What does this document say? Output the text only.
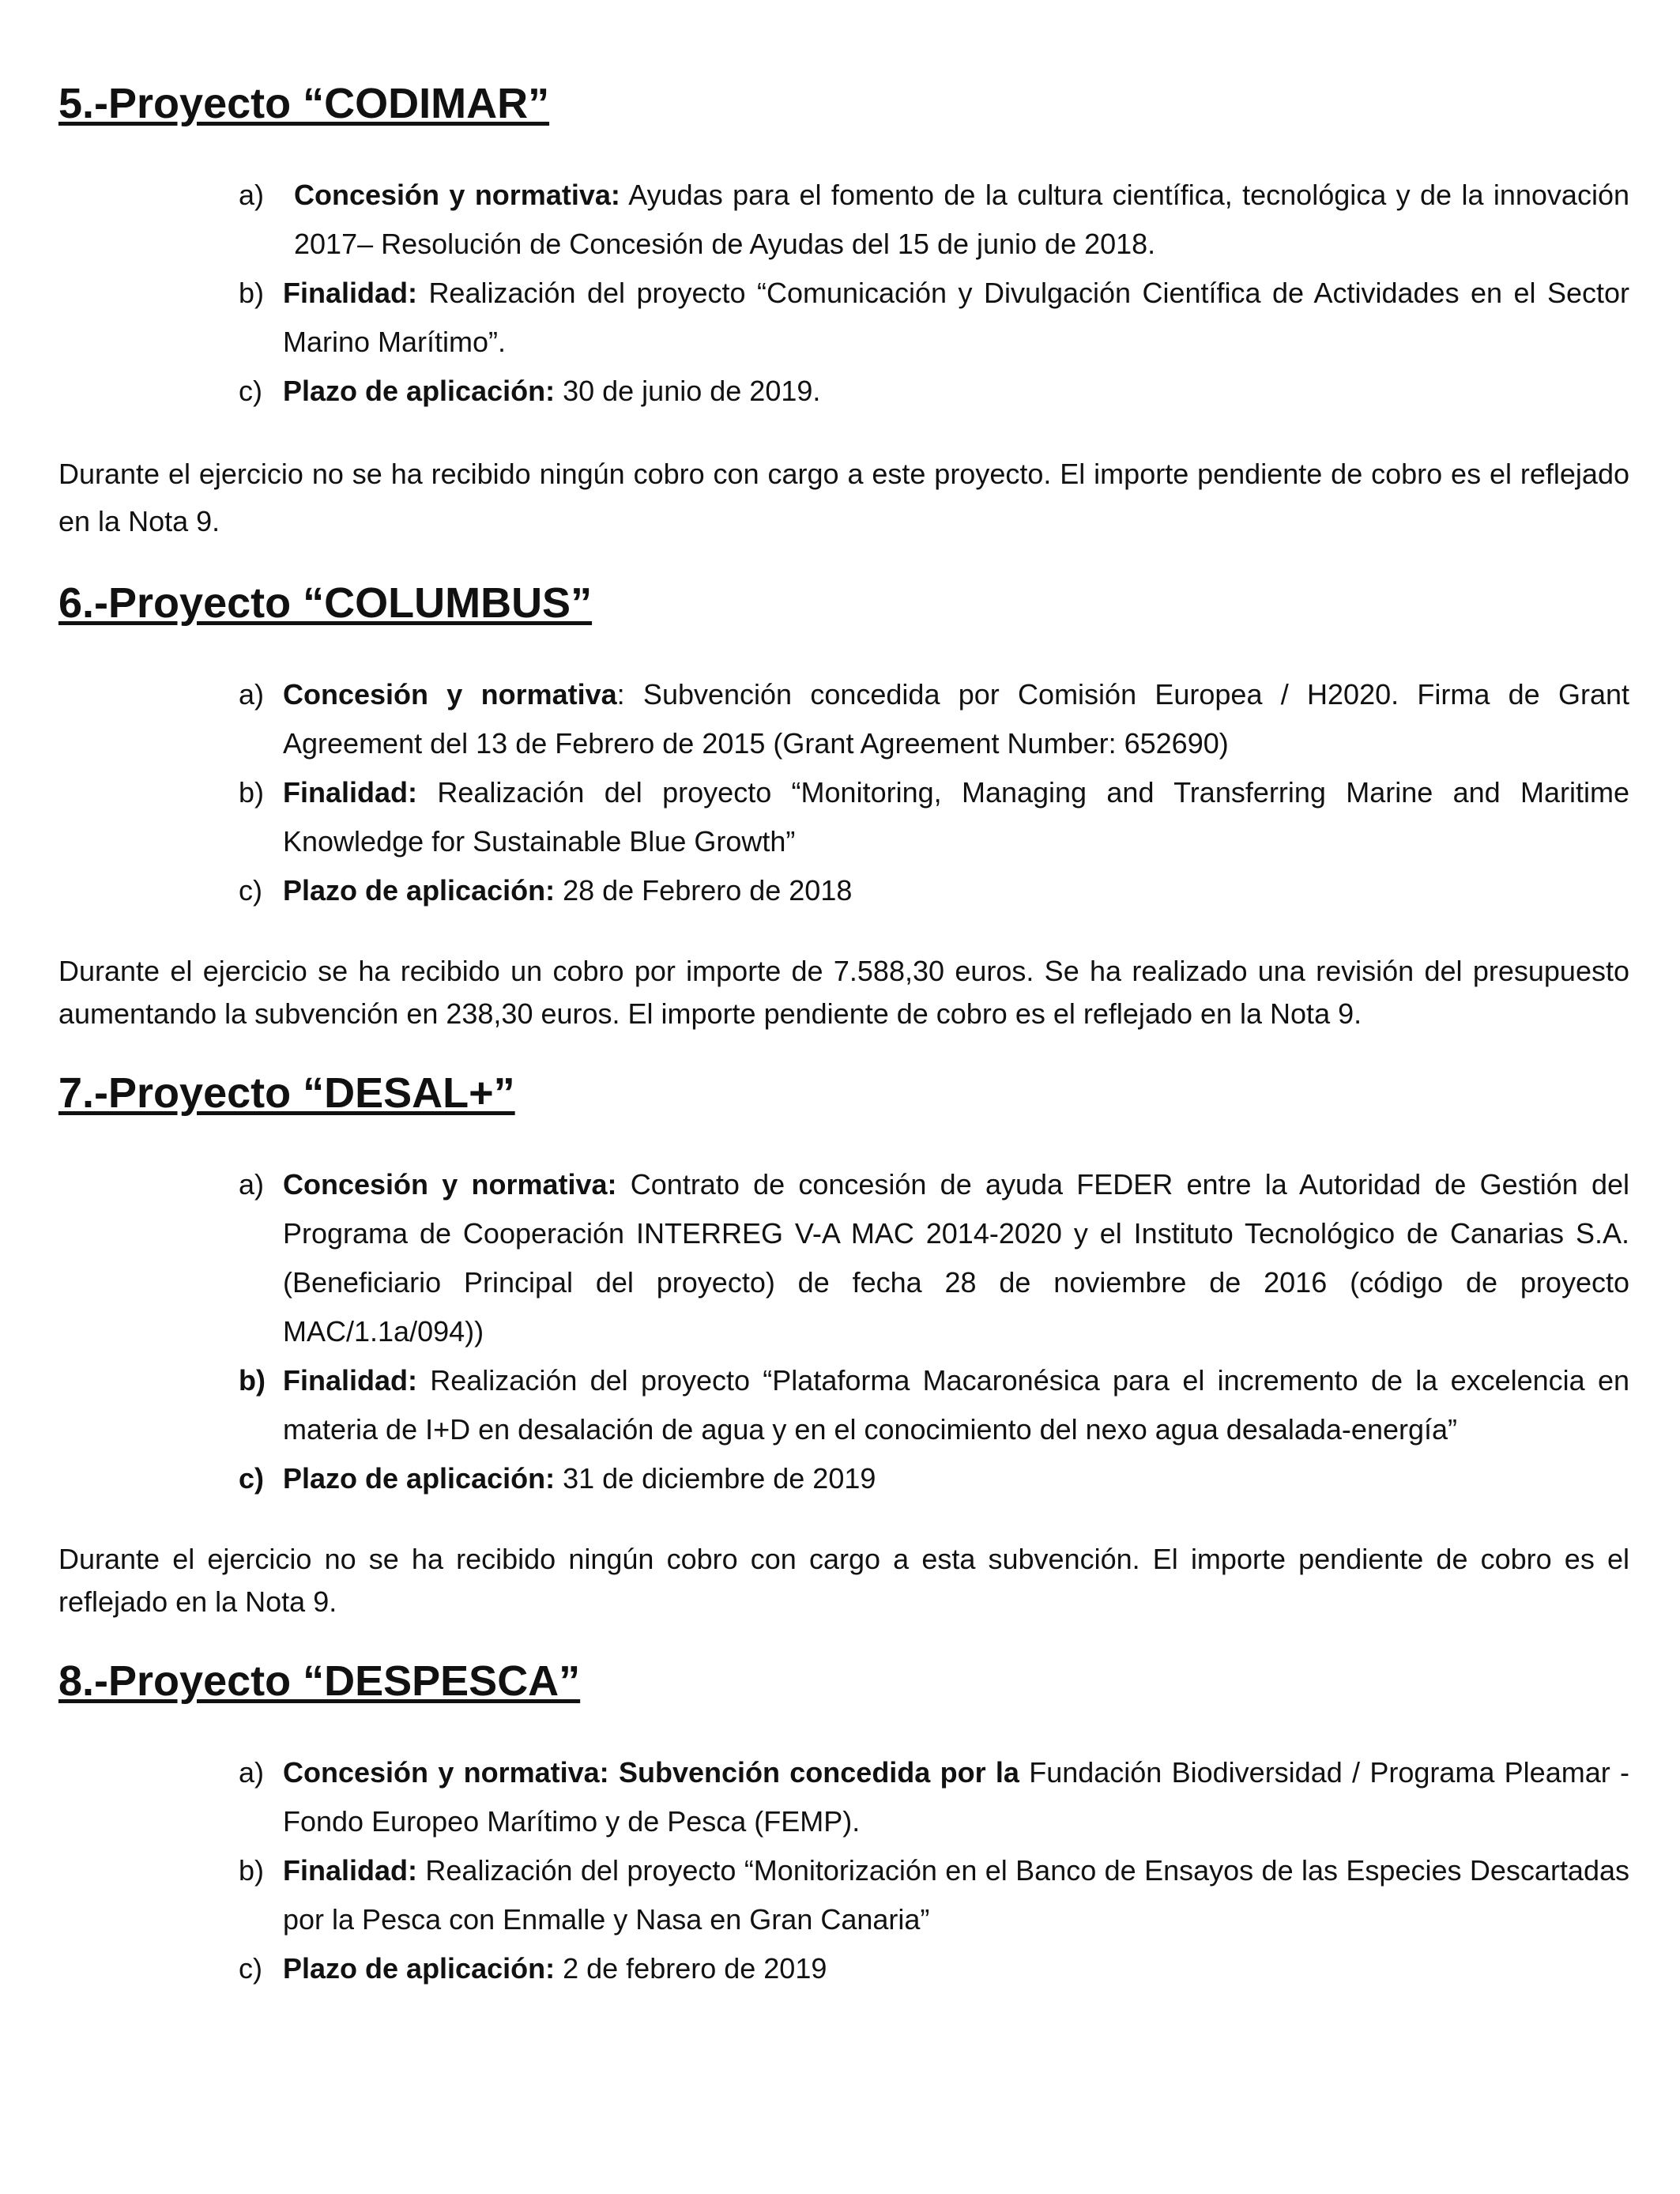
5.-Proyecto “CODIMAR”
a) Concesión y normativa: Ayudas para el fomento de la cultura científica, tecnológica y de la innovación 2017– Resolución de Concesión de Ayudas del 15 de junio de 2018.
b) Finalidad: Realización del proyecto “Comunicación y Divulgación Científica de Actividades en el Sector Marino Marítimo”.
c) Plazo de aplicación: 30 de junio de 2019.

Durante el ejercicio no se ha recibido ningún cobro con cargo a este proyecto. El importe pendiente de cobro es el reflejado en la Nota 9.

6.-Proyecto “COLUMBUS”
a) Concesión y normativa: Subvención concedida por Comisión Europea / H2020. Firma de Grant Agreement del 13 de Febrero de 2015 (Grant Agreement Number: 652690)
b) Finalidad: Realización del proyecto “Monitoring, Managing and Transferring Marine and Maritime Knowledge for Sustainable Blue Growth”
c) Plazo de aplicación: 28 de Febrero de 2018

Durante el ejercicio se ha recibido un cobro por importe de 7.588,30 euros. Se ha realizado una revisión del presupuesto aumentando la subvención en 238,30 euros. El importe pendiente de cobro es el reflejado en la Nota 9.

7.-Proyecto “DESAL+”
a) Concesión y normativa: Contrato de concesión de ayuda FEDER entre la Autoridad de Gestión del Programa de Cooperación INTERREG V-A MAC 2014-2020 y el Instituto Tecnológico de Canarias S.A. (Beneficiario Principal del proyecto) de fecha 28 de noviembre de 2016 (código de proyecto MAC/1.1a/094))
b) Finalidad: Realización del proyecto “Plataforma Macaronésica para el incremento de la excelencia en materia de I+D en desalación de agua y en el conocimiento del nexo agua desalada-energía”
c) Plazo de aplicación: 31 de diciembre de 2019

Durante el ejercicio no se ha recibido ningún cobro con cargo a esta subvención. El importe pendiente de cobro es el reflejado en la Nota 9.

8.-Proyecto “DESPESCA”
a) Concesión y normativa: Subvención concedida por la Fundación Biodiversidad / Programa Pleamar - Fondo Europeo Marítimo y de Pesca (FEMP).
b) Finalidad: Realización del proyecto “Monitorización en el Banco de Ensayos de las Especies Descartadas por la Pesca con Enmalle y Nasa en Gran Canaria”
c) Plazo de aplicación: 2 de febrero de 2019
